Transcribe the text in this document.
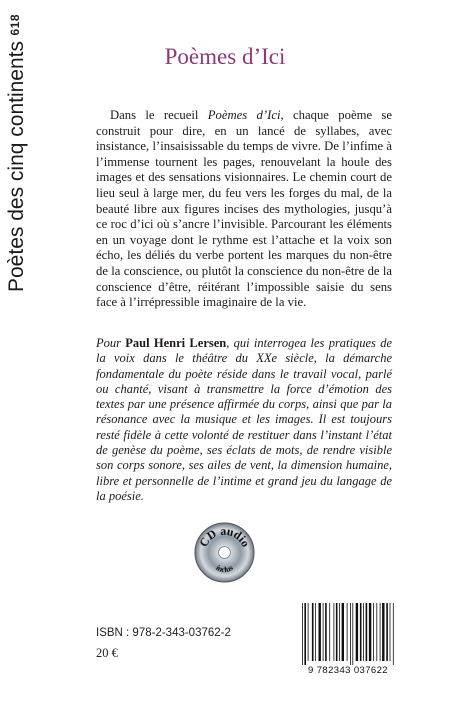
618
Poètes des cinq continents	Poèmes d’Ici

Dans le recueil Poèmes d’Ici, chaque poème se construit pour dire, en un lancé de syllabes, avec insistance, l’insaisissable du temps de vivre. De l’infime à l’immense tournent les pages, renouvelant la houle des images et des sensations visionnaires. Le chemin court de lieu seul à large mer, du feu vers les forges du mal, de la beauté libre aux figures incises des mythologies, jusqu’à ce roc d’ici où s’ancre l’invisible. Parcourant les éléments en un voyage dont le rythme est l’attache et la voix son écho, les déliés du verbe portent les marques du non-être de la conscience, ou plutôt la conscience du non-être de la conscience d’être, réitérant l’impossible saisie du sens face à l’irrépressible imaginaire de la vie.

Pour Paul Henri Lersen, qui interrogea les pratiques de la voix dans le théâtre du XXe siècle, la démarche fondamentale du poète réside dans le travail vocal, parlé ou chanté, visant à transmettre la force d’émotion des textes par une présence affirmée du corps, ainsi que par la résonance avec la musique et les images. Il est toujours resté fidèle à cette volonté de restituer dans l’instant l’état de genèse du poème, ses éclats de mots, de rendre visible son corps sonore, ses ailes de vent, la dimension humaine, libre et personnelle de l’intime et grand jeu du langage de la poésie.

CD audio
inclus
ISBN : 978-2-343-03762-2
20 €
9 782343 037622
